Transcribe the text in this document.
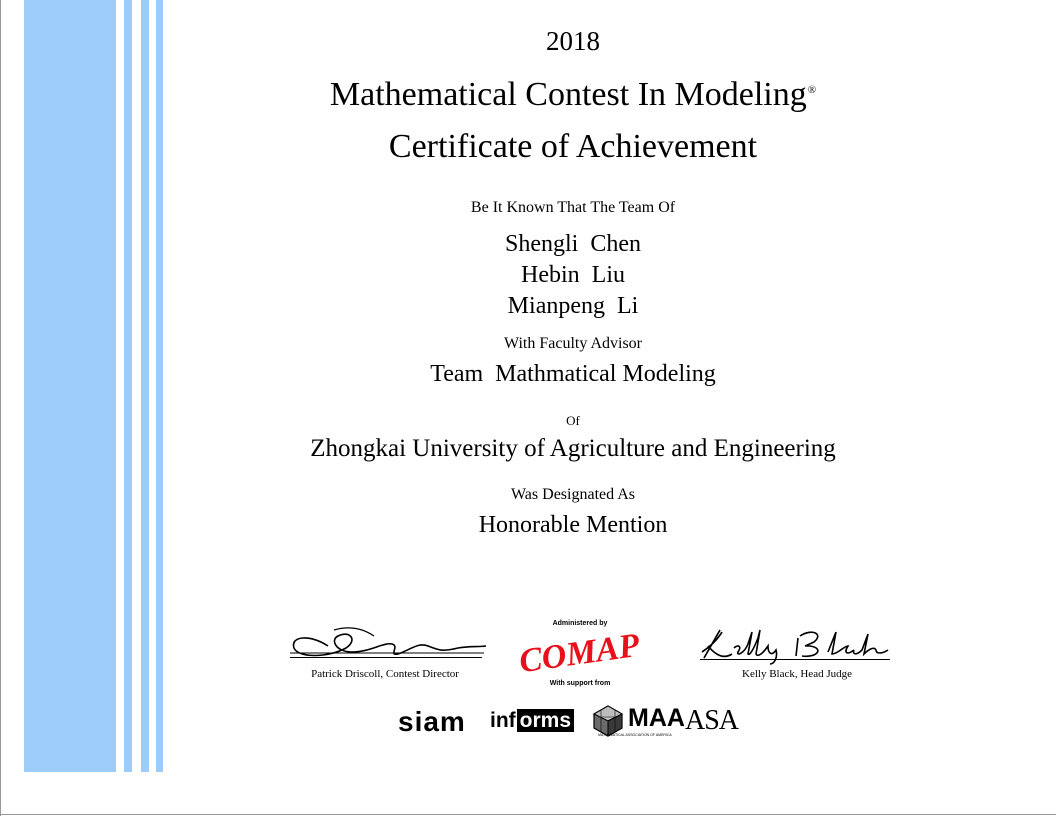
2018

Mathematical Contest In Modeling®

Certificate of Achievement

Be It Known That The Team Of

Shengli  Chen

Hebin  Liu

Mianpeng  Li

With Faculty Advisor

Team  Mathmatical Modeling

Of

Zhongkai University of Agriculture and Engineering

Was Designated As

Honorable Mention

Patrick Driscoll, Contest Director	Kelly Black, Head Judge
Administered by
COMAP
With support from
siam inf orms MAA
MATHEMATICAL ASSOCIATION OF AMERICA ASA
